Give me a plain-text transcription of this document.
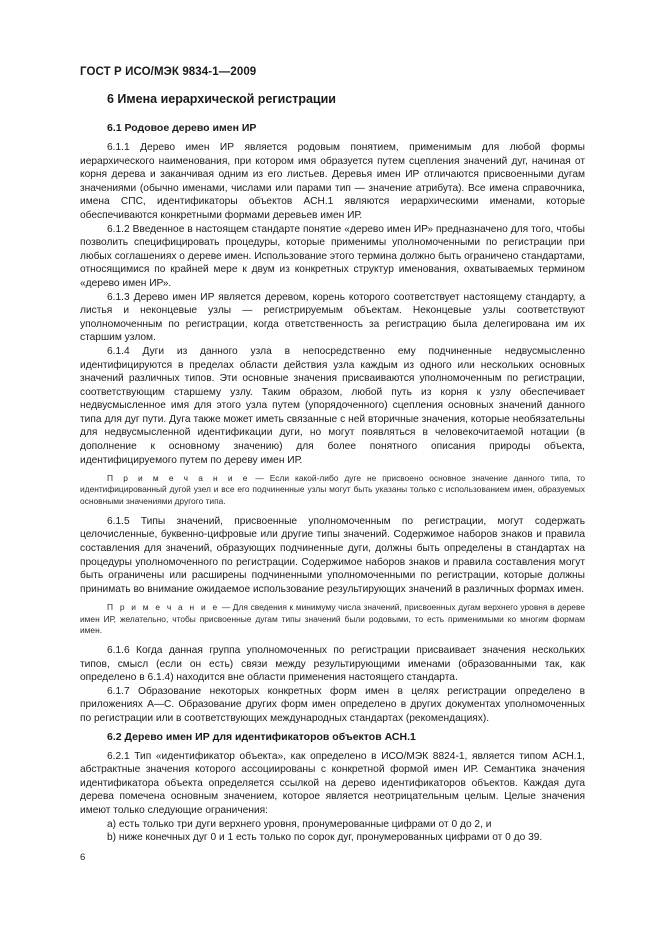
ГОСТ Р ИСО/МЭК 9834-1—2009
6 Имена иерархической регистрации
6.1 Родовое дерево имен ИР

6.1.1 Дерево имен ИР является родовым понятием, применимым для любой формы иерархического наименования, при котором имя образуется путем сцепления значений дуг, начиная от корня дерева и заканчивая одним из его листьев. Деревья имен ИР отличаются присвоенными дугам значениями (обычно именами, числами или парами тип — значение атрибута). Все имена справочника, имена СПС, идентификаторы объектов АСН.1 являются иерархическими именами, которые обеспечиваются конкретными формами деревьев имен ИР.

6.1.2 Введенное в настоящем стандарте понятие «дерево имен ИР» предназначено для того, чтобы позволить специфицировать процедуры, которые применимы уполномоченными по регистрации при любых соглашениях о дереве имен. Использование этого термина должно быть ограничено стандартами, относящимися по крайней мере к двум из конкретных структур именования, охватываемых термином «дерево имен ИР».

6.1.3 Дерево имен ИР является деревом, корень которого соответствует настоящему стандарту, а листья и неконцевые узлы — регистрируемым объектам. Неконцевые узлы соответствуют уполномоченным по регистрации, когда ответственность за регистрацию была делегирована им их старшим узлом.

6.1.4 Дуги из данного узла в непосредственно ему подчиненные недвусмысленно идентифицируются в пределах области действия узла каждым из одного или нескольких основных значений различных типов. Эти основные значения присваиваются уполномоченным по регистрации, соответствующим старшему узлу. Таким образом, любой путь из корня к узлу обеспечивает недвусмысленное имя для этого узла путем (упорядоченного) сцепления основных значений данного типа для дуг пути. Дуга также может иметь связанные с ней вторичные значения, которые необязательны для недвусмысленной идентификации дуги, но могут появляться в человекочитаемой нотации (в дополнение к основному значению) для более понятного описания природы объекта, идентифицируемого путем по дереву имен ИР.

П р и м е ч а н и е — Если какой-либо дуге не присвоено основное значение данного типа, то идентифицированный дугой узел и все его подчиненные узлы могут быть указаны только с использованием имен, образуемых основными значениями другого типа.

6.1.5 Типы значений, присвоенные уполномоченным по регистрации, могут содержать целочисленные, буквенно-цифровые или другие типы значений. Содержимое наборов знаков и правила составления для значений, образующих подчиненные дуги, должны быть определены в стандартах на процедуры уполномоченного по регистрации. Содержимое наборов знаков и правила составления могут быть ограничены или расширены подчиненными уполномоченными по регистрации, которые должны принимать во внимание ожидаемое использование результирующих значений в различных формах имен.

П р и м е ч а н и е — Для сведения к минимуму числа значений, присвоенных дугам верхнего уровня в дереве имен ИР, желательно, чтобы присвоенные дугам типы значений были родовыми, то есть применимыми ко многим формам имен.

6.1.6 Когда данная группа уполномоченных по регистрации присваивает значения нескольких типов, смысл (если он есть) связи между результирующими именами (образованными так, как определено в 6.1.4) находится вне области применения настоящего стандарта.

6.1.7 Образование некоторых конкретных форм имен в целях регистрации определено в приложениях А—С. Образование других форм имен определено в других документах уполномоченных по регистрации или в соответствующих международных стандартах (рекомендациях).

6.2 Дерево имен ИР для идентификаторов объектов АСН.1

6.2.1 Тип «идентификатор объекта», как определено в ИСО/МЭК 8824-1, является типом АСН.1, абстрактные значения которого ассоциированы с конкретной формой имен ИР. Семантика значения идентификатора объекта определяется ссылкой на дерево идентификаторов объектов. Каждая дуга дерева помечена основным значением, которое является неотрицательным целым. Целые значения имеют только следующие ограничения:

a) есть только три дуги верхнего уровня, пронумерованные цифрами от 0 до 2, и

b) ниже конечных дуг 0 и 1 есть только по сорок дуг, пронумерованных цифрами от 0 до 39.

6
